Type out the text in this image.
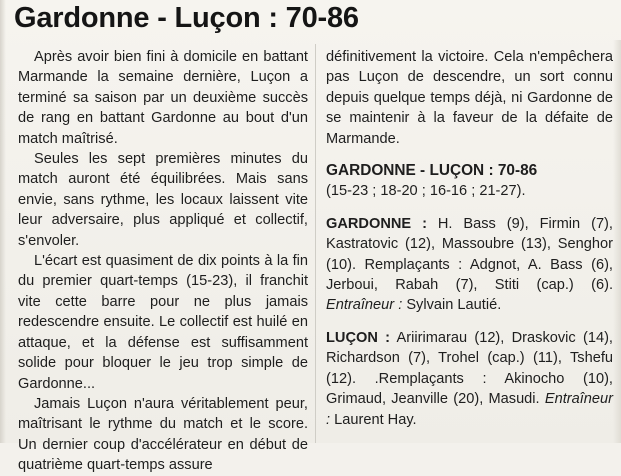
Gardonne - Luçon : 70-86

Après avoir bien fini à domicile en battant Marmande la semaine dernière, Luçon a terminé sa saison par un deuxième succès de rang en battant Gardonne au bout d'un match maîtrisé.

Seules les sept premières minutes du match auront été équilibrées. Mais sans envie, sans rythme, les locaux laissent vite leur adversaire, plus appliqué et collectif, s'envoler.

L'écart est quasiment de dix points à la fin du premier quart-temps (15-23), il franchit vite cette barre pour ne plus jamais redescendre ensuite. Le collectif est huilé en attaque, et la défense est suffisamment solide pour bloquer le jeu trop simple de Gardonne...

Jamais Luçon n'aura véritablement peur, maîtrisant le rythme du match et le score. Un dernier coup d'accélérateur en début de quatrième quart-temps assure

définitivement la victoire. Cela n'empêchera pas Luçon de descendre, un sort connu depuis quelque temps déjà, ni Gardonne de se maintenir à la faveur de la défaite de Marmande.

GARDONNE - LUÇON : 70-86

(15-23 ; 18-20 ; 16-16 ; 21-27).

GARDONNE : H. Bass (9), Firmin (7), Kastratovic (12), Massoubre (13), Senghor (10). Remplaçants : Adgnot, A. Bass (6), Jerboui, Rabah (7), Stiti (cap.) (6). Entraîneur : Sylvain Lautié.

LUÇON : Ariirimarau (12), Draskovic (14), Richardson (7), Trohel (cap.) (11), Tshefu (12). .Remplaçants : Akinocho (10), Grimaud, Jeanville (20), Masudi. Entraîneur : Laurent Hay.
